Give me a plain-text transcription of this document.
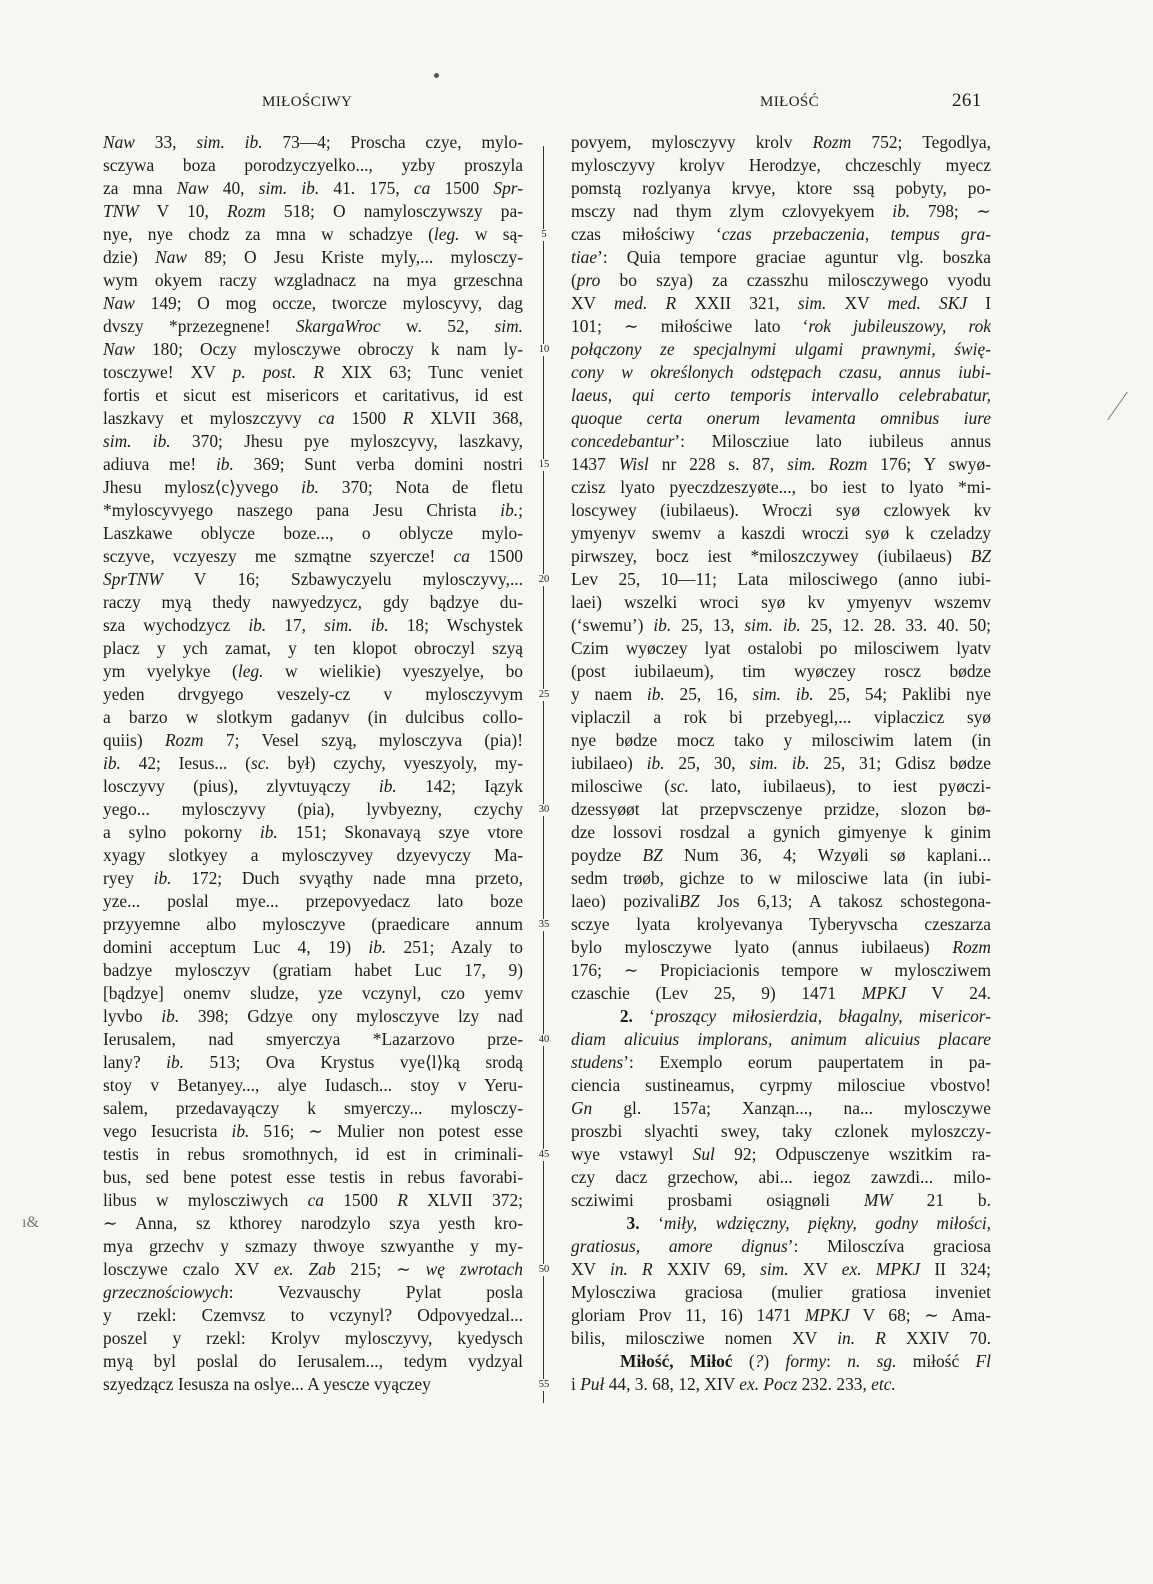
MIŁOŚCIWY	MIŁOŚĆ	261
Naw 33, sim. ib. 73—4; Proscha czye, mylo-
sczywa boza porodzyczyelko..., yzby proszyla
za mna Naw 40, sim. ib. 41. 175, ca 1500 Spr-
TNW V 10, Rozm 518; O namylosczywszy pa-
nye, nye chodz za mna w schadzye (leg. w są-
dzie) Naw 89; O Jesu Kriste myly,... mylosczy-
wym okyem raczy wzgladnacz na mya grzeschna
Naw 149; O mog occze, tworcze myloscyvy, dag
dvszy *przezegnene! SkargaWroc w. 52, sim.
Naw 180; Oczy mylosczywe obroczy k nam ly-
tosczywe! XV p. post. R XIX 63; Tunc veniet
fortis et sicut est misericors et caritativus, id est
laszkavy et myloszczyvy ca 1500 R XLVII 368,
sim. ib. 370; Jhesu pye myloszcyvy, laszkavy,
adiuva me! ib. 369; Sunt verba domini nostri
Jhesu mylosz⟨c⟩yvego ib. 370; Nota de fletu
*myloscyvyego naszego pana Jesu Christa ib.;
Laszkawe oblycze boze..., o oblycze mylo-
sczyve, vczyeszy me szmątne szyercze! ca 1500
SprTNW V 16; Szbawyczyelu mylosczyvy,...
raczy myą thedy nawyedzycz, gdy bądzye du-
sza wychodzycz ib. 17, sim. ib. 18; Wschystek
placz y ych zamat, y ten klopot obroczyl szyą
ym vyelykye (leg. w wielikie) vyeszyelye, bo
yeden drvgyego veszely-cz v mylosczyvym
a barzo w slotkym gadanyv (in dulcibus collo-
quiis) Rozm 7; Vesel szyą, mylosczyva (pia)!
ib. 42; Iesus... (sc. był) czychy, vyeszyoly, my-
losczyvy (pius), zlyvtuyączy ib. 142; Iązyk
yego... mylosczyvy (pia), lyvbyezny, czychy
a sylno pokorny ib. 151; Skonavayą szye vtore
xyagy slotkyey a mylosczyvey dzyevyczy Ma-
ryey ib. 172; Duch svyąthy nade mna przeto,
yze... poslal mye... przepovyedacz lato boze
przyyemne albo mylosczyve (praedicare annum
domini acceptum Luc 4, 19) ib. 251; Azaly to
badzye mylosczyv (gratiam habet Luc 17, 9)
[bądzye] onemv sludze, yze vczynyl, czo yemv
lyvbo ib. 398; Gdzye ony mylosczyve lzy nad
Ierusalem, nad smyerczya *Lazarzovo prze-
lany? ib. 513; Ova Krystus vye⟨l⟩ką srodą
stoy v Betanyey..., alye Iudasch... stoy v Yeru-
salem, przedavayączy k smyerczy... mylosczy-
vego Iesucrista ib. 516; ∼ Mulier non potest esse
testis in rebus sromothnych, id est in criminali-
bus, sed bene potest esse testis in rebus favorabi-
libus w myloscziwych ca 1500 R XLVII 372;
∼ Anna, sz kthorey narodzylo szya yesth kro-
mya grzechv y szmazy thwoye szwyanthe y my-
losczywe czalo XV ex. Zab 215; ∼ wę zwrotach
grzecznościowych: Vezvauschy Pylat posla
y rzekl: Czemvsz to vczynyl? Odpovyedzal...
poszel y rzekl: Krolyv mylosczyvy, kyedysch
myą byl poslal do Ierusalem..., tedym vydzyal
szyedząсz Iesusza na oslye... A yescze vyączey
5
10
15
20
25
30
35
40
45
50
55
povyem, mylosczyvy krolv Rozm 752; Tegodlya,
mylosczyvy krolyv Herodzye, chczeschly myecz
pomstą rozlyanya krvye, ktore ssą pobyty, po-
msczy nad thym zlym czlovyekyem ib. 798; ∼
czas miłościwy ‘czas przebaczenia, tempus gra-
tiae’: Quia tempore graciae aguntur vlg. boszka
(pro bo szya) za czasszhu milosczywego vyodu
XV med. R XXII 321, sim. XV med. SKJ I
101; ∼ miłościwe lato ‘rok jubileuszowy, rok
połączony ze specjalnymi ulgami prawnymi, świę-
cony w określonych odstępach czasu, annus iubi-
laeus, qui certo temporis intervallo celebrabatur,
quoque certa onerum levamenta omnibus iure
concedebantur’: Milosсziue lato iubileus annus
1437 Wisl nr 228 s. 87, sim. Rozm 176; Y swyø-
czisz lyato pyeczdzeszyøte..., bo iest to lyato *mi-
loscywey (iubilaeus). Wroczi syø czlowyek kv
ymyenyv swemv a kaszdi wroczi syø k czeladzy
pirwszey, bocz iest *miloszczywey (iubilaeus) BZ
Lev 25, 10—11; Lata milosciwego (anno iubi-
laei) wszelki wroci syø kv ymyenyv wszemv
(‘swemu’) ib. 25, 13, sim. ib. 25, 12. 28. 33. 40. 50;
Czim wyøczey lyat ostalobi po milosciwem lyatv
(post iubilaeum), tim wyøczey roscz bødze
y naem ib. 25, 16, sim. ib. 25, 54; Paklibi nye
viplaczil a rok bi przebyegl,... viplaczicz syø
nye bødze mocz tako y milosciwim latem (in
iubilaeo) ib. 25, 30, sim. ib. 25, 31; Gdisz bødze
milosciwe (sc. lato, iubilaeus), to iest pyøczi-
dzessyøøt lat przepvsczenye przidze, slozon bø-
dze lossovi rosdzal a gynich gimyenye k ginim
poydze BZ Num 36, 4; Wzyøli sø kaplani...
sedm trøøb, gichze to w milosciwe lata (in iubi-
laeo) pozivaliBZ Jos 6,13; A takosz schostegona-
sczye lyata krolyevanya Tyberyvscha czeszarza
bylo mylosczywe lyato (annus iubilaeus) Rozm
176; ∼ Propiciacionis tempore w myloscziwem
czaschie (Lev 25, 9) 1471 MPKJ V 24.
2. ‘proszący miłosierdzia, błagalny, misericor-
diam alicuius implorans, animum alicuius placare
studens’: Exemplo eorum paupertatem in pa-
ciencia sustineamus, cyrpmy milosciue vbostvo!
Gn gl. 157a; Xanząn..., na... mylosczywe
proszbi slyachti swey, taky czlonek myloszczy-
wye vstawyl Sul 92; Odpusczenye wszitkim ra-
czy dacz grzechow, abi... iegoz zawzdi... milo-
scziwimi prosbami osiągnøli MW 21 b.
3. ‘miły, wdzięczny, piękny, godny miłości,
gratiosus, amore dignus’: Milosczíva graciosa
XV in. R XXIV 69, sim. XV ex. MPKJ II 324;
Myloscziwa graciosa (mulier gratiosa inveniet
gloriam Prov 11, 16) 1471 MPKJ V 68; ∼ Ama-
bilis, miloscziwe nomen XV in. R XXIV 70.
Miłość, Miłoć (?) formy: n. sg. miłość Fl
i Puł 44, 3. 68, 12, XIV ex. Pocz 232. 233, etc.
ı&
